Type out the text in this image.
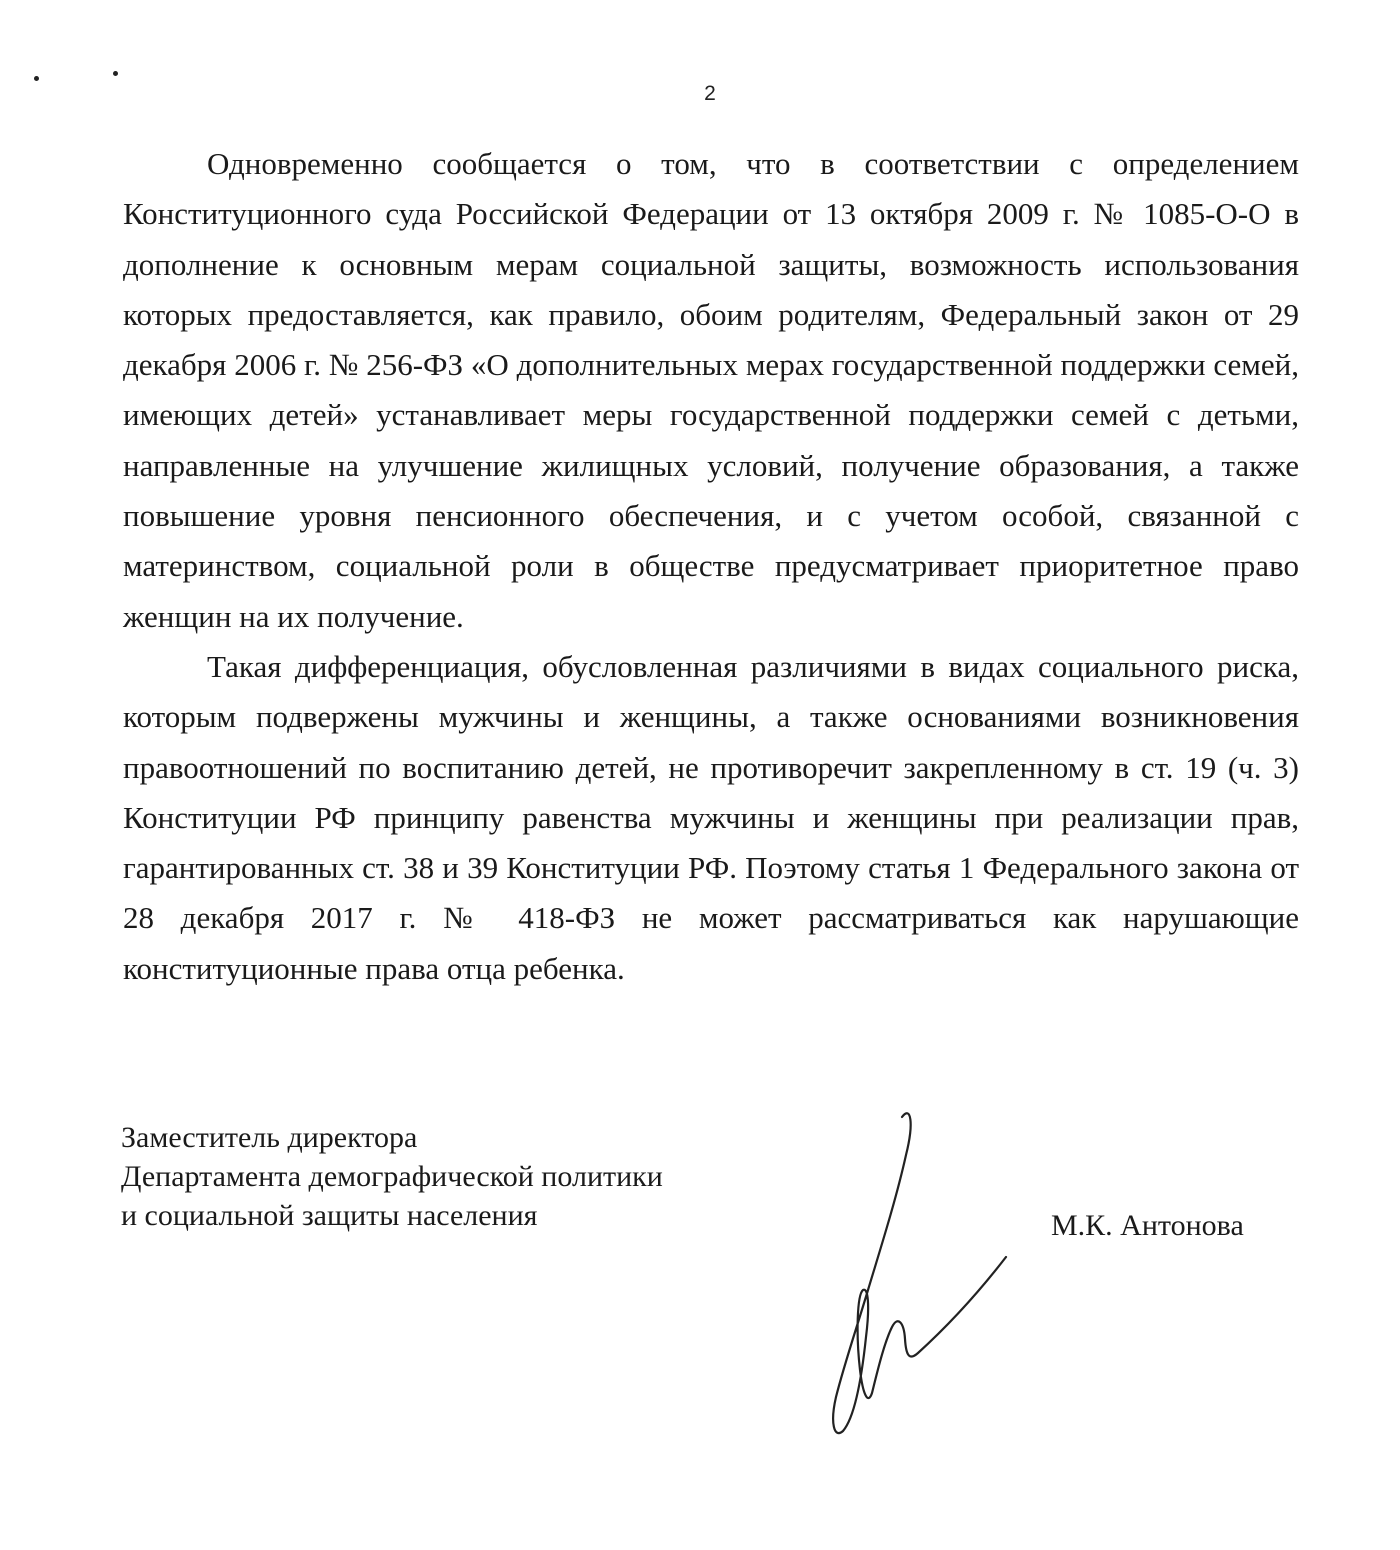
2

Одновременно сообщается о том, что в соответствии с определением Конституционного суда Российской Федерации от 13 октября 2009 г. № 1085-О-О в дополнение к основным мерам социальной защиты, возможность использования которых предоставляется, как правило, обоим родителям, Федеральный закон от 29 декабря 2006 г. № 256-ФЗ «О дополнительных мерах государственной поддержки семей, имеющих детей» устанавливает меры государственной поддержки семей с детьми, направленные на улучшение жилищных условий, получение образования, а также повышение уровня пенсионного обеспечения, и с учетом особой, связанной с материнством, социальной роли в обществе предусматривает приоритетное право женщин на их получение.

Такая дифференциация, обусловленная различиями в видах социального риска, которым подвержены мужчины и женщины, а также основаниями возникновения правоотношений по воспитанию детей, не противоречит закрепленному в ст. 19 (ч. 3) Конституции РФ принципу равенства мужчины и женщины при реализации прав, гарантированных ст. 38 и 39 Конституции РФ. Поэтому статья 1 Федерального закона от 28 декабря 2017 г. № 418-ФЗ не может рассматриваться как нарушающие конституционные права отца ребенка.

Заместитель директора
Департамента демографической политики
и социальной защиты населения	М.К. Антонова
